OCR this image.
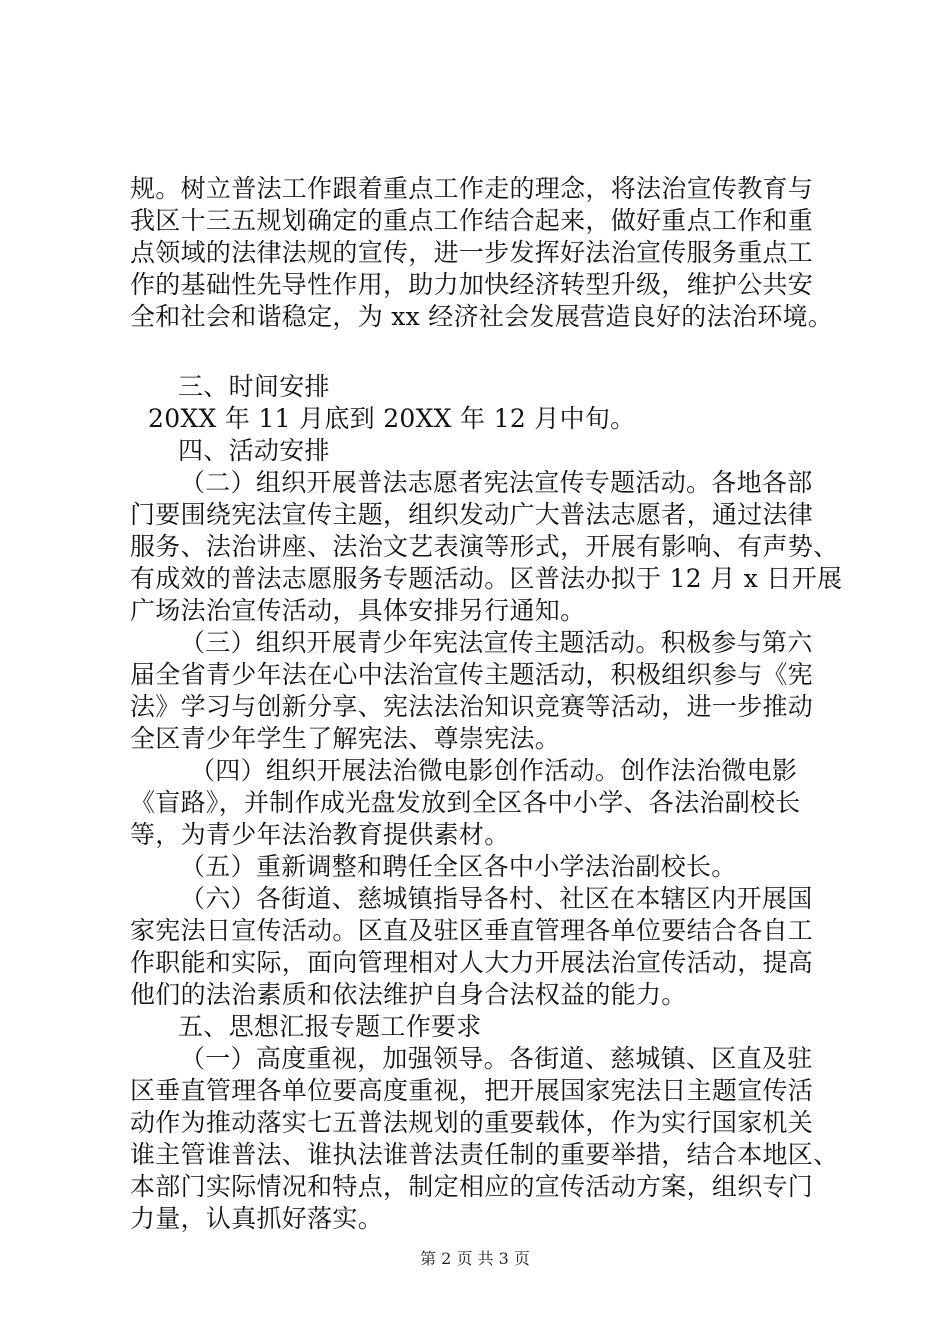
规。树立普法工作跟着重点工作走的理念，将法治宣传教育与
我区十三五规划确定的重点工作结合起来，做好重点工作和重
点领域的法律法规的宣传，进一步发挥好法治宣传服务重点工
作的基础性先导性作用，助力加快经济转型升级，维护公共安
全和社会和谐稳定，为 xx 经济社会发展营造良好的法治环境。
三、时间安排
20XX 年 11 月底到 20XX 年 12 月中旬。
四、活动安排
（二）组织开展普法志愿者宪法宣传专题活动。各地各部
门要围绕宪法宣传主题，组织发动广大普法志愿者，通过法律
服务、法治讲座、法治文艺表演等形式，开展有影响、有声势、
有成效的普法志愿服务专题活动。区普法办拟于 12 月 x 日开展
广场法治宣传活动，具体安排另行通知。
（三）组织开展青少年宪法宣传主题活动。积极参与第六
届全省青少年法在心中法治宣传主题活动，积极组织参与《宪
法》学习与创新分享、宪法法治知识竞赛等活动，进一步推动
全区青少年学生了解宪法、尊崇宪法。
（四）组织开展法治微电影创作活动。创作法治微电影
《盲路》，并制作成光盘发放到全区各中小学、各法治副校长
等，为青少年法治教育提供素材。
（五）重新调整和聘任全区各中小学法治副校长。
（六）各街道、慈城镇指导各村、社区在本辖区内开展国
家宪法日宣传活动。区直及驻区垂直管理各单位要结合各自工
作职能和实际，面向管理相对人大力开展法治宣传活动，提高
他们的法治素质和依法维护自身合法权益的能力。
五、思想汇报专题工作要求
（一）高度重视，加强领导。各街道、慈城镇、区直及驻
区垂直管理各单位要高度重视，把开展国家宪法日主题宣传活
动作为推动落实七五普法规划的重要载体，作为实行国家机关
谁主管谁普法、谁执法谁普法责任制的重要举措，结合本地区、
本部门实际情况和特点，制定相应的宣传活动方案，组织专门
力量，认真抓好落实。
第 2 页 共 3 页
